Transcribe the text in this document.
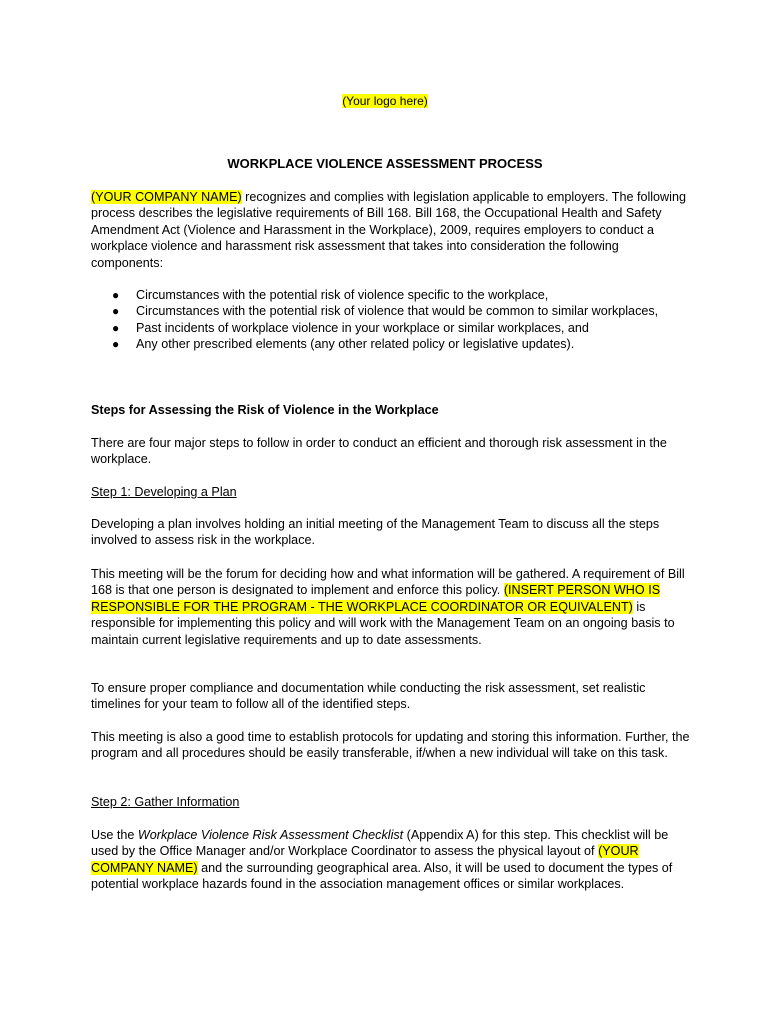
(Your logo here)
WORKPLACE VIOLENCE ASSESSMENT PROCESS

(YOUR COMPANY NAME) recognizes and complies with legislation applicable to employers. The following process describes the legislative requirements of Bill 168. Bill 168, the Occupational Health and Safety Amendment Act (Violence and Harassment in the Workplace), 2009, requires employers to conduct a workplace violence and harassment risk assessment that takes into consideration the following components:

● Circumstances with the potential risk of violence specific to the workplace,
● Circumstances with the potential risk of violence that would be common to similar workplaces,
● Past incidents of workplace violence in your workplace or similar workplaces, and
● Any other prescribed elements (any other related policy or legislative updates).
Steps for Assessing the Risk of Violence in the Workplace

There are four major steps to follow in order to conduct an efficient and thorough risk assessment in the workplace.

Step 1: Developing a Plan

Developing a plan involves holding an initial meeting of the Management Team to discuss all the steps involved to assess risk in the workplace.

This meeting will be the forum for deciding how and what information will be gathered. A requirement of Bill 168 is that one person is designated to implement and enforce this policy. (INSERT PERSON WHO IS RESPONSIBLE FOR THE PROGRAM - THE WORKPLACE COORDINATOR OR EQUIVALENT) is responsible for implementing this policy and will work with the Management Team on an ongoing basis to maintain current legislative requirements and up to date assessments.

To ensure proper compliance and documentation while conducting the risk assessment, set realistic timelines for your team to follow all of the identified steps.

This meeting is also a good time to establish protocols for updating and storing this information. Further, the program and all procedures should be easily transferable, if/when a new individual will take on this task.

Step 2: Gather Information

Use the Workplace Violence Risk Assessment Checklist (Appendix A) for this step. This checklist will be used by the Office Manager and/or Workplace Coordinator to assess the physical layout of (YOUR COMPANY NAME) and the surrounding geographical area. Also, it will be used to document the types of potential workplace hazards found in the association management offices or similar workplaces.
